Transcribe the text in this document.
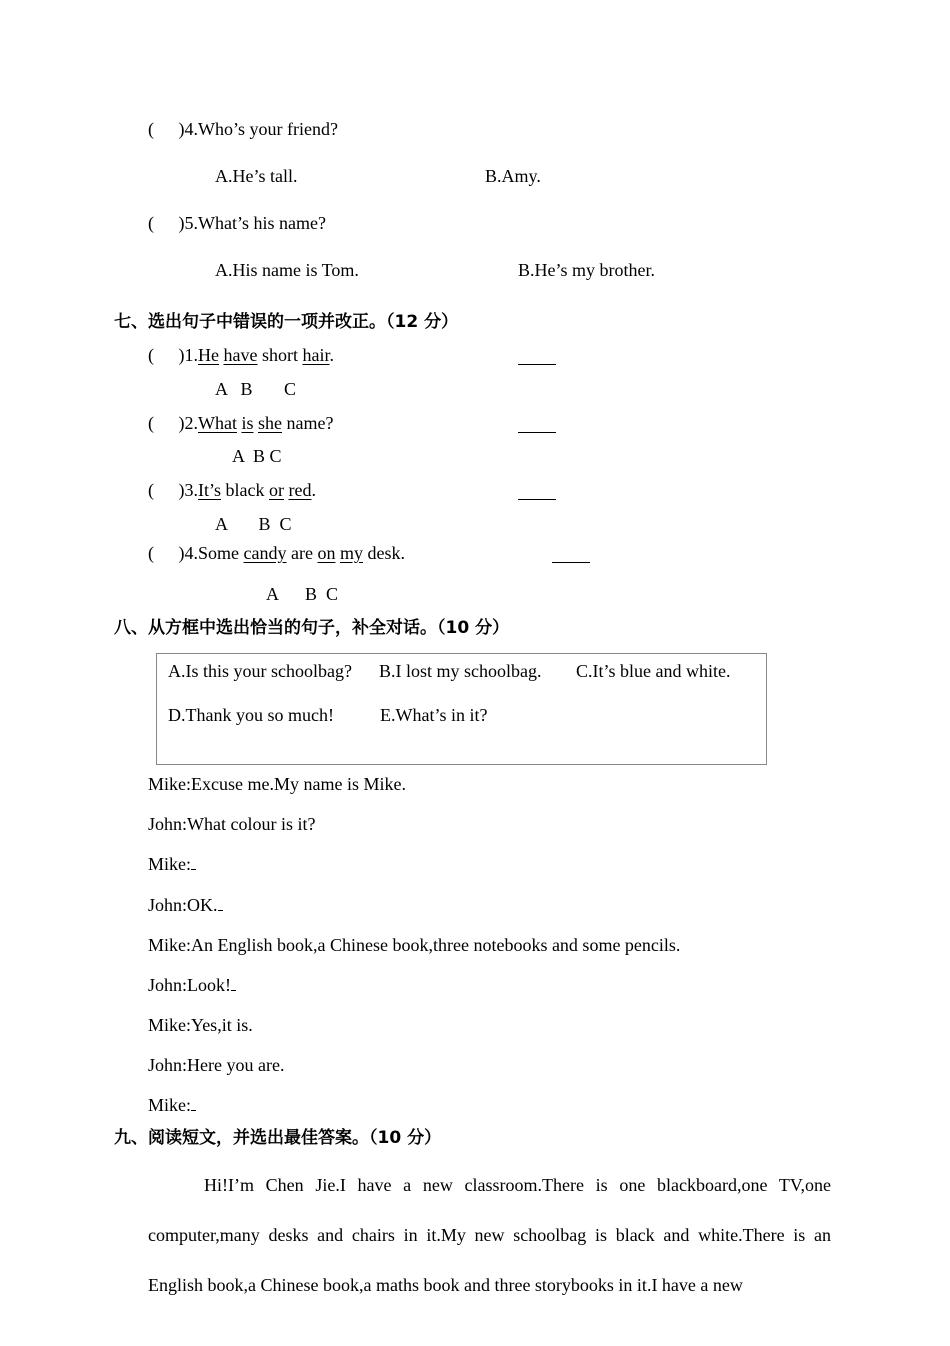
( )4.Who’s your friend?
A.He’s tall.	B.Amy.
( )5.What’s his name?
A.His name is Tom.	B.He’s my brother.
七、选出句子中错误的一项并改正。（12 分）
( )1.He have short hair.
A   B       C
( )2.What is she name?
A  B C
( )3.It’s black or red.
A       B  C
( )4.Some candy are on my desk.
A      B  C
八、从方框中选出恰当的句子，补全对话。（10 分）
A.Is this your schoolbag? B.I lost my schoolbag. C.It’s blue and white.
D.Thank you so much!	E.What’s in it?
Mike:Excuse me.My name is Mike.
John:What colour is it?
Mike:
John:OK.
Mike:An English book,a Chinese book,three notebooks and some pencils.
John:Look!
Mike:Yes,it is.
John:Here you are.
Mike:
九、阅读短文，并选出最佳答案。（10 分）
Hi!I’m Chen Jie.I have a new classroom.There is one blackboard,one TV,one computer,many desks and chairs in it.My new schoolbag is black and white.There is an English book,a Chinese book,a maths book and three storybooks in it.I have a new
